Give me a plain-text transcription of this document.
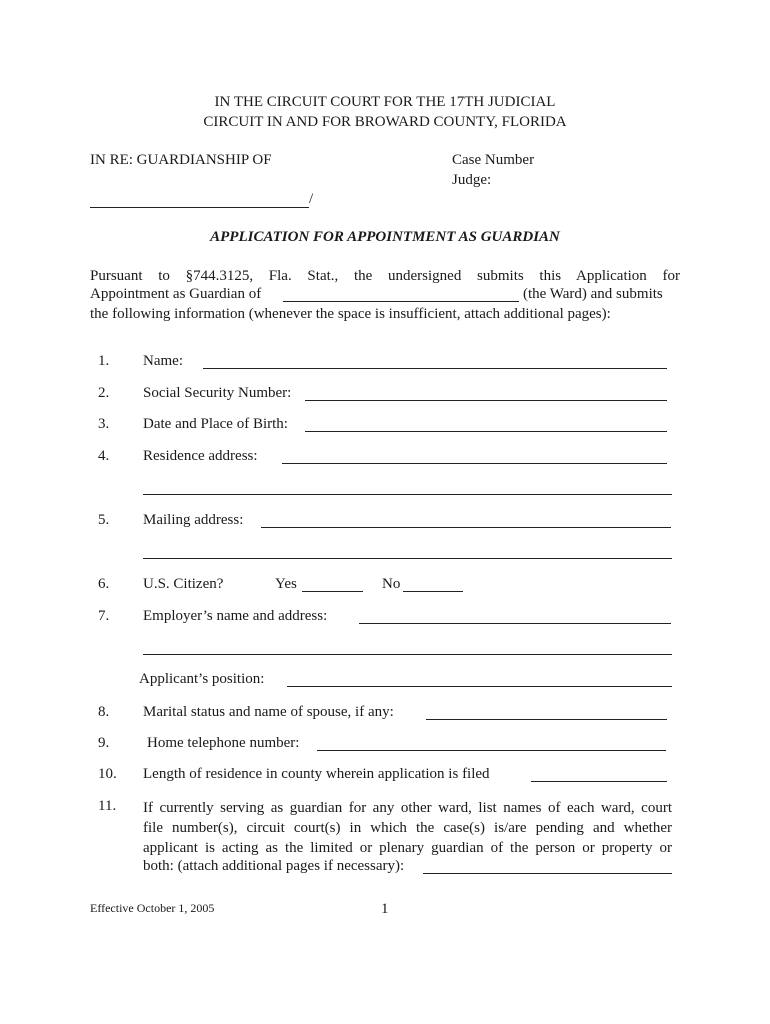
IN THE CIRCUIT COURT FOR THE 17TH JUDICIAL
CIRCUIT IN AND FOR BROWARD COUNTY, FLORIDA
IN RE: GUARDIANSHIP OF	Case Number
Judge:
/
APPLICATION FOR APPOINTMENT AS GUARDIAN
Pursuant to §744.3125, Fla. Stat., the undersigned submits this Application for
Appointment as Guardian of	(the Ward) and submits
the following information (whenever the space is insufficient, attach additional pages):
1. Name:
2. Social Security Number:
3. Date and Place of Birth:
4. Residence address:
5. Mailing address:
6. U.S. Citizen?	Yes	No
7. Employer’s name and address:
Applicant’s position:
8. Marital status and name of spouse, if any:
9.	Home telephone number:
10. Length of residence in county wherein application is filed
11. If currently serving as guardian for any other ward, list names of each ward, court
file number(s), circuit court(s) in which the case(s) is/are pending and whether
applicant is acting as the limited or plenary guardian of the person or property or
both: (attach additional pages if necessary):
Effective October 1, 2005	1
